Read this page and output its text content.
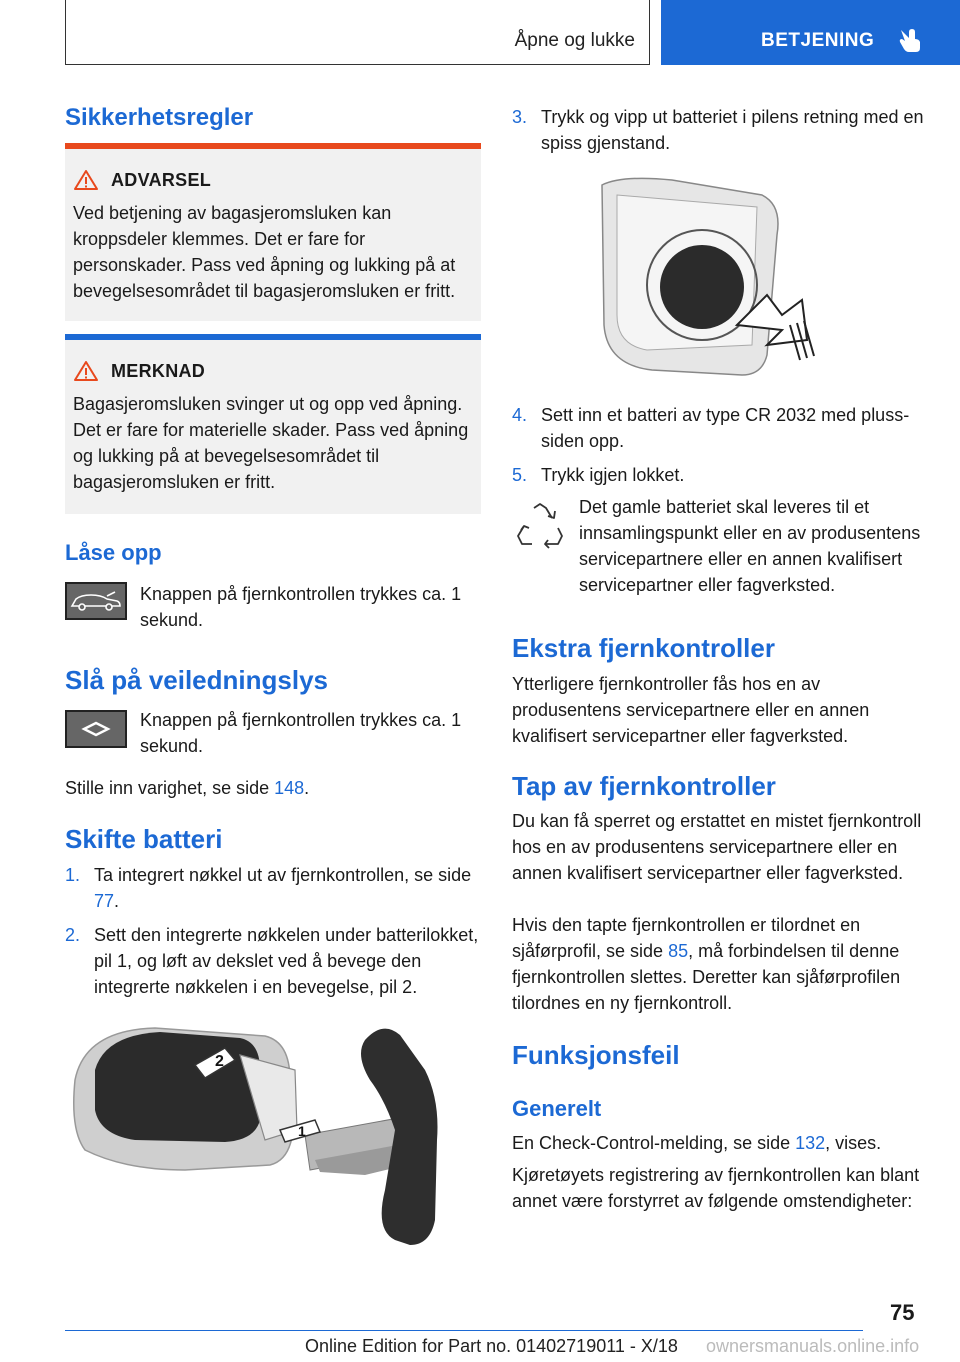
Åpne og lukke	BETJENING
Sikkerhetsregler
ADVARSEL
Ved betjening av bagasjeromsluken kan kroppsdeler klemmes. Det er fare for personskader. Pass ved åpning og lukking på at bevegelsesområdet til bagasjeromsluken er fritt.
MERKNAD
Bagasjeromsluken svinger ut og opp ved åpning. Det er fare for materielle skader. Pass ved åpning og lukking på at bevegelsesområdet til bagasjeromsluken er fritt.
Låse opp
Knappen på fjernkontrollen trykkes ca. 1 sekund.
Slå på veiledningslys
Knappen på fjernkontrollen trykkes ca. 1 sekund.
Stille inn varighet, se side 148.
Skifte batteri
1. Ta integrert nøkkel ut av fjernkontrollen, se side 77.
2. Sett den integrerte nøkkelen under batterilokket, pil 1, og løft av dekslet ved å bevege den integrerte nøkkelen i en bevegelse, pil 2.
2
1
3. Trykk og vipp ut batteriet i pilens retning med en spiss gjenstand.
4. Sett inn et batteri av type CR 2032 med pluss-siden opp.
5. Trykk igjen lokket.
Det gamle batteriet skal leveres til et innsamlingspunkt eller en av produsentens servicepartnere eller en annen kvalifisert servicepartner eller fagverksted.
Ekstra fjernkontroller
Ytterligere fjernkontroller fås hos en av produsentens servicepartnere eller en annen kvalifisert servicepartner eller fagverksted.
Tap av fjernkontroller
Du kan få sperret og erstattet en mistet fjernkontroll hos en av produsentens servicepartnere eller en annen kvalifisert servicepartner eller fagverksted.
Hvis den tapte fjernkontrollen er tilordnet en sjåførprofil, se side 85, må forbindelsen til denne fjernkontrollen slettes. Deretter kan sjåførprofilen tilordnes en ny fjernkontroll.
Funksjonsfeil
Generelt
En Check-Control-melding, se side 132, vises.
Kjøretøyets registrering av fjernkontrollen kan blant annet være forstyrret av følgende omstendigheter:
75
Online Edition for Part no. 01402719011 - X/18 ownersmanuals.online.info
